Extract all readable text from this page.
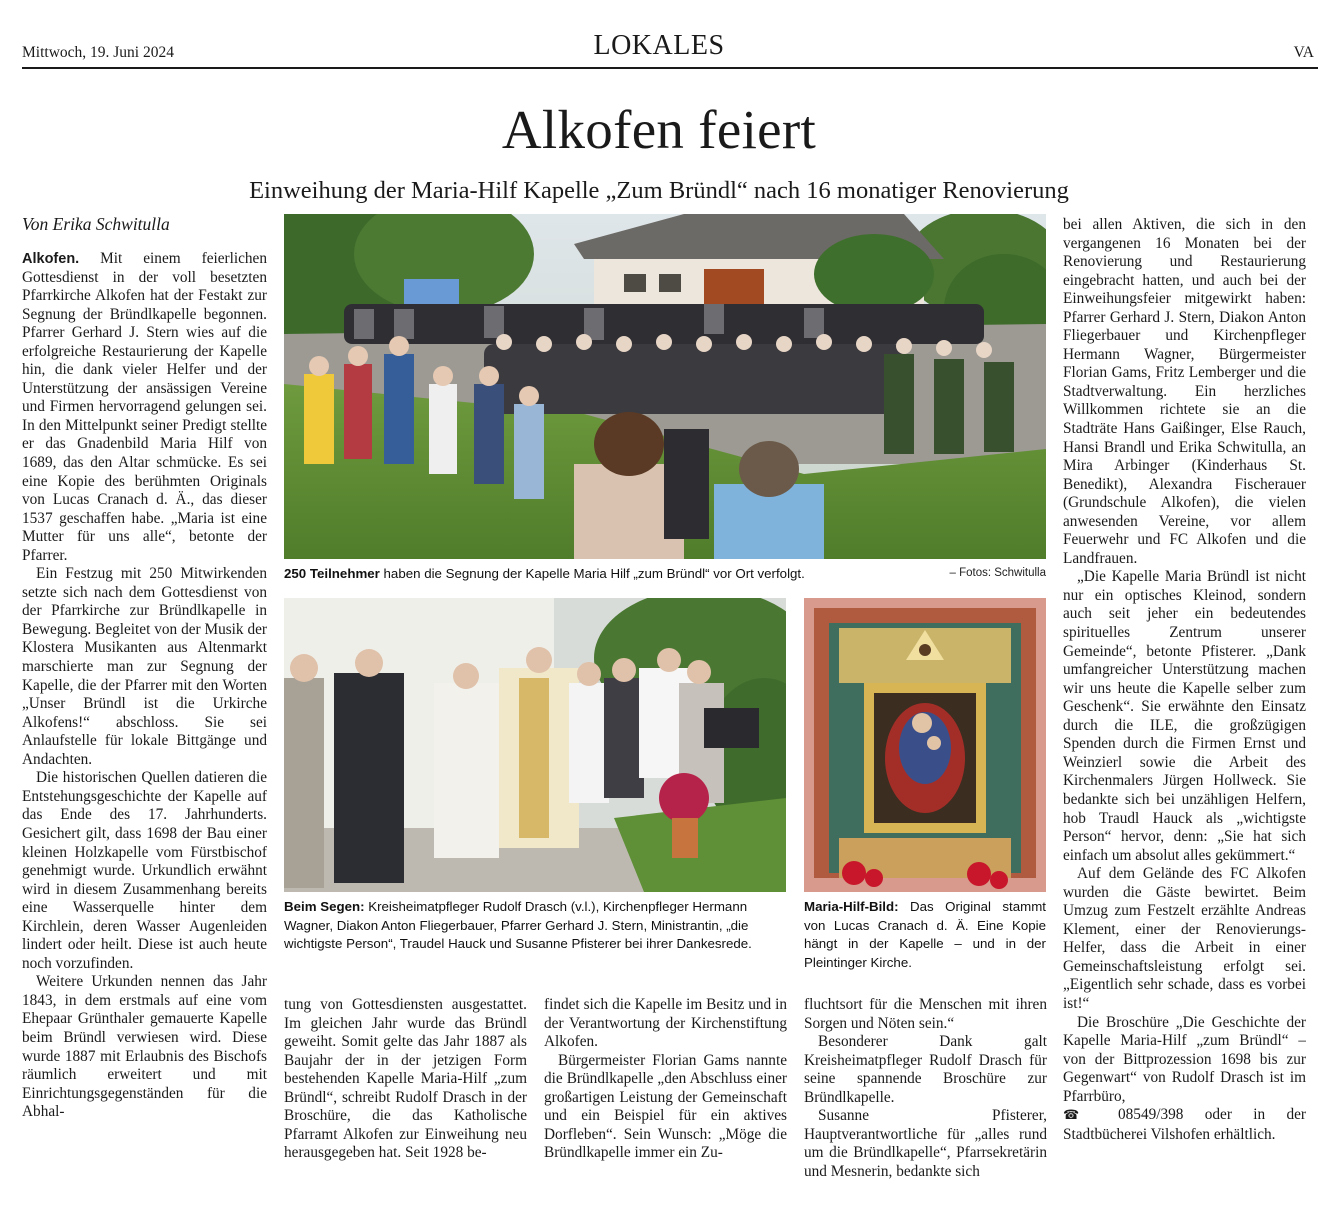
Mittwoch, 19. Juni 2024	LOKALES	VA
Alkofen feiert
Einweihung der Maria-Hilf Kapelle „Zum Bründl“ nach 16 monatiger Renovierung
Von Erika Schwitulla

Alkofen. Mit einem feierlichen Gottesdienst in der voll besetzten Pfarrkirche Alkofen hat der Festakt zur Segnung der Bründlkapelle begonnen. Pfarrer Gerhard J. Stern wies auf die erfolgreiche Restaurierung der Kapelle hin, die dank vieler Helfer und der Unterstützung der ansässigen Vereine und Firmen hervorragend gelungen sei. In den Mittelpunkt seiner Predigt stellte er das Gnadenbild Maria Hilf von 1689, das den Altar schmücke. Es sei eine Kopie des berühmten Originals von Lucas Cranach d. Ä., das dieser 1537 geschaffen habe. „Maria ist eine Mutter für uns alle“, betonte der Pfarrer.

Ein Festzug mit 250 Mitwirkenden setzte sich nach dem Gottesdienst von der Pfarrkirche zur Bründlkapelle in Bewegung. Begleitet von der Musik der Klostera Musikanten aus Altenmarkt marschierte man zur Segnung der Kapelle, die der Pfarrer mit den Worten „Unser Bründl ist die Urkirche Alkofens!“ abschloss. Sie sei Anlaufstelle für lokale Bittgänge und Andachten.

Die historischen Quellen datieren die Entstehungsgeschichte der Kapelle auf das Ende des 17. Jahrhunderts. Gesichert gilt, dass 1698 der Bau einer kleinen Holzkapelle vom Fürstbischof genehmigt wurde. Urkundlich erwähnt wird in diesem Zusammenhang bereits eine Wasserquelle hinter dem Kirchlein, deren Wasser Augenleiden lindert oder heilt. Diese ist auch heute noch vorzufinden.

Weitere Urkunden nennen das Jahr 1843, in dem erstmals auf eine vom Ehepaar Grünthaler gemauerte Kapelle beim Bründl verwiesen wird. Diese wurde 1887 mit Erlaubnis des Bischofs räumlich erweitert und mit Einrichtungsgegenständen für die Abhal-

250 Teilnehmer haben die Segnung der Kapelle Maria Hilf „zum Bründl“ vor Ort verfolgt.	– Fotos: Schwitulla

bei allen Aktiven, die sich in den vergangenen 16 Monaten bei der Renovierung und Restaurierung eingebracht hatten, und auch bei der Einweihungsfeier mitgewirkt haben: Pfarrer Gerhard J. Stern, Diakon Anton Fliegerbauer und Kirchenpfleger Hermann Wagner, Bürgermeister Florian Gams, Fritz Lemberger und die Stadtverwaltung. Ein herzliches Willkommen richtete sie an die Stadträte Hans Gaißinger, Else Rauch, Hansi Brandl und Erika Schwitulla, an Mira Arbinger (Kinderhaus St. Benedikt), Alexandra Fischerauer (Grundschule Alkofen), die vielen anwesenden Vereine, vor allem Feuerwehr und FC Alkofen und die Landfrauen.

„Die Kapelle Maria Bründl ist nicht nur ein optisches Kleinod, sondern auch seit jeher ein bedeutendes spirituelles Zentrum unserer Gemeinde“, betonte Pfisterer. „Dank umfangreicher Unterstützung machen wir uns heute die Kapelle selber zum Geschenk“. Sie erwähnte den Einsatz durch die ILE, die großzügigen Spenden durch die Firmen Ernst und Weinzierl sowie die Arbeit des Kirchenmalers Jürgen Hollweck. Sie bedankte sich bei unzähligen Helfern, hob Traudl Hauck als „wichtigste Person“ hervor, denn: „Sie hat sich einfach um absolut alles gekümmert.“

Auf dem Gelände des FC Alkofen wurden die Gäste bewirtet. Beim Umzug zum Festzelt erzählte Andreas Klement, einer der Renovierungs-Helfer, dass die Arbeit in einer Gemeinschaftsleistung erfolgt sei. „Eigentlich sehr schade, dass es vorbei ist!“

Die Broschüre „Die Geschichte der Kapelle Maria-Hilf „zum Bründl“ – von der Bittprozession 1698 bis zur Gegenwart“ von Rudolf Drasch ist im Pfarrbüro,
☎ 08549/398 oder in der Stadtbücherei Vilshofen erhältlich.

Beim Segen: Kreisheimatpfleger Rudolf Drasch (v.l.), Kirchenpfleger Hermann Wagner, Diakon Anton Fliegerbauer, Pfarrer Gerhard J. Stern, Ministrantin, „die wichtigste Person“, Traudel Hauck und Susanne Pfisterer bei ihrer Dankesrede.
Maria-Hilf-Bild: Das Original stammt von Lucas Cranach d. Ä. Eine Kopie hängt in der Kapelle – und in der Pleintinger Kirche.

tung von Gottesdiensten ausgestattet. Im gleichen Jahr wurde das Bründl geweiht. Somit gelte das Jahr 1887 als Baujahr der in der jetzigen Form bestehenden Kapelle Maria-Hilf „zum Bründl“, schreibt Rudolf Drasch in der Broschüre, die das Katholische Pfarramt Alkofen zur Einweihung neu herausgegeben hat. Seit 1928 be-

findet sich die Kapelle im Besitz und in der Verantwortung der Kirchenstiftung Alkofen.

Bürgermeister Florian Gams nannte die Bründlkapelle „den Abschluss einer großartigen Leistung der Gemeinschaft und ein Beispiel für ein aktives Dorfleben“. Sein Wunsch: „Möge die Bründlkapelle immer ein Zu-

fluchtsort für die Menschen mit ihren Sorgen und Nöten sein.“

Besonderer Dank galt Kreisheimatpfleger Rudolf Drasch für seine spannende Broschüre zur Bründlkapelle.

Susanne Pfisterer, Hauptverantwortliche für „alles rund um die Bründlkapelle“, Pfarrsekretärin und Mesnerin, bedankte sich
